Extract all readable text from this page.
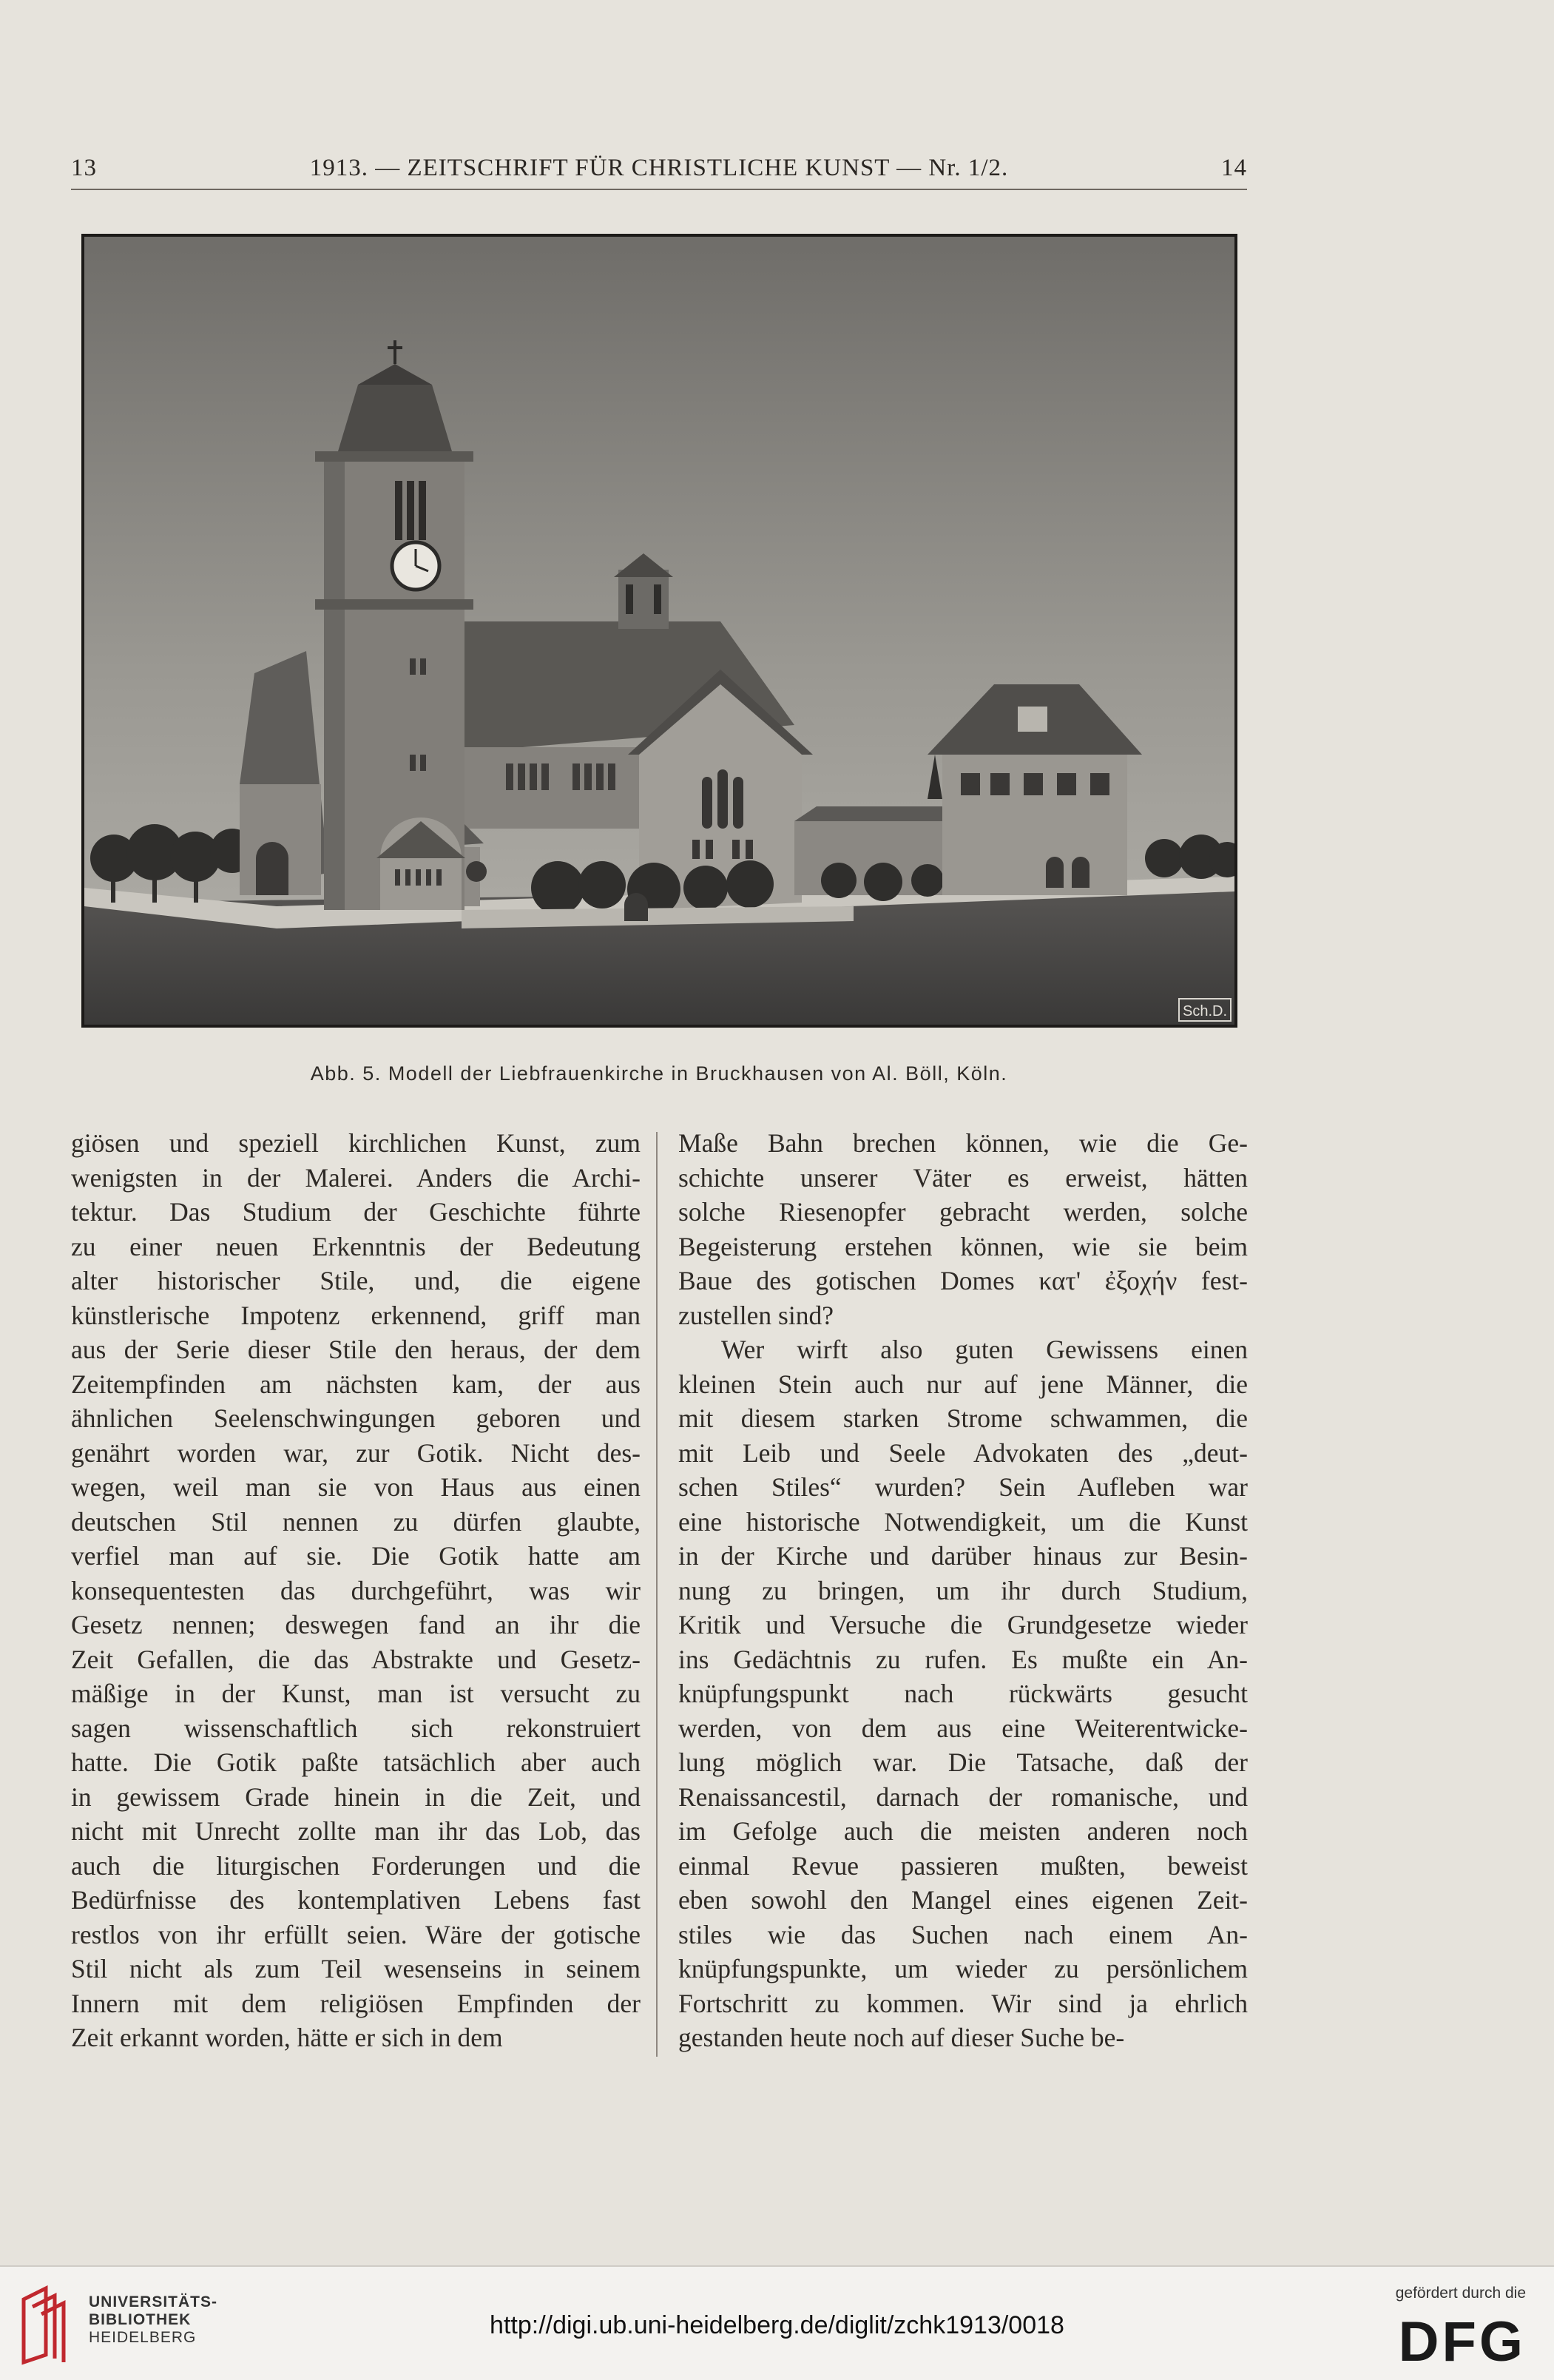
13	1913. — ZEITSCHRIFT FÜR CHRISTLICHE KUNST — Nr. 1/2.	14
Sch.D.
Abb. 5. Modell der Liebfrauenkirche in Bruckhausen von Al. Böll, Köln.
giösen und speziell kirchlichen Kunst, zum
wenigsten in der Malerei. Anders die Archi-
tektur. Das Studium der Geschichte führte
zu einer neuen Erkenntnis der Bedeutung
alter historischer Stile, und, die eigene
künstlerische Impotenz erkennend, griff man
aus der Serie dieser Stile den heraus, der dem
Zeitempfinden am nächsten kam, der aus
ähnlichen Seelenschwingungen geboren und
genährt worden war, zur Gotik. Nicht des-
wegen, weil man sie von Haus aus einen
deutschen Stil nennen zu dürfen glaubte,
verfiel man auf sie. Die Gotik hatte am
konsequentesten das durchgeführt, was wir
Gesetz nennen; deswegen fand an ihr die
Zeit Gefallen, die das Abstrakte und Gesetz-
mäßige in der Kunst, man ist versucht zu
sagen wissenschaftlich sich rekonstruiert
hatte. Die Gotik paßte tatsächlich aber auch
in gewissem Grade hinein in die Zeit, und
nicht mit Unrecht zollte man ihr das Lob, das
auch die liturgischen Forderungen und die
Bedürfnisse des kontemplativen Lebens fast
restlos von ihr erfüllt seien. Wäre der gotische
Stil nicht als zum Teil wesenseins in seinem
Innern mit dem religiösen Empfinden der
Zeit erkannt worden, hätte er sich in dem
Maße Bahn brechen können, wie die Ge-
schichte unserer Väter es erweist, hätten
solche Riesenopfer gebracht werden, solche
Begeisterung erstehen können, wie sie beim
Baue des gotischen Domes κατ' ἐξοχήν fest-
zustellen sind?
Wer wirft also guten Gewissens einen
kleinen Stein auch nur auf jene Männer, die
mit diesem starken Strome schwammen, die
mit Leib und Seele Advokaten des „deut-
schen Stiles“ wurden? Sein Aufleben war
eine historische Notwendigkeit, um die Kunst
in der Kirche und darüber hinaus zur Besin-
nung zu bringen, um ihr durch Studium,
Kritik und Versuche die Grundgesetze wieder
ins Gedächtnis zu rufen. Es mußte ein An-
knüpfungspunkt nach rückwärts gesucht
werden, von dem aus eine Weiterentwicke-
lung möglich war. Die Tatsache, daß der
Renaissancestil, darnach der romanische, und
im Gefolge auch die meisten anderen noch
einmal Revue passieren mußten, beweist
eben sowohl den Mangel eines eigenen Zeit-
stiles wie das Suchen nach einem An-
knüpfungspunkte, um wieder zu persönlichem
Fortschritt zu kommen. Wir sind ja ehrlich
gestanden heute noch auf dieser Suche be-
UNIVERSITÄTS-
BIBLIOTHEK
HEIDELBERG	http://digi.ub.uni-heidelberg.de/diglit/zchk1913/0018
gefördert durch die
DFG
